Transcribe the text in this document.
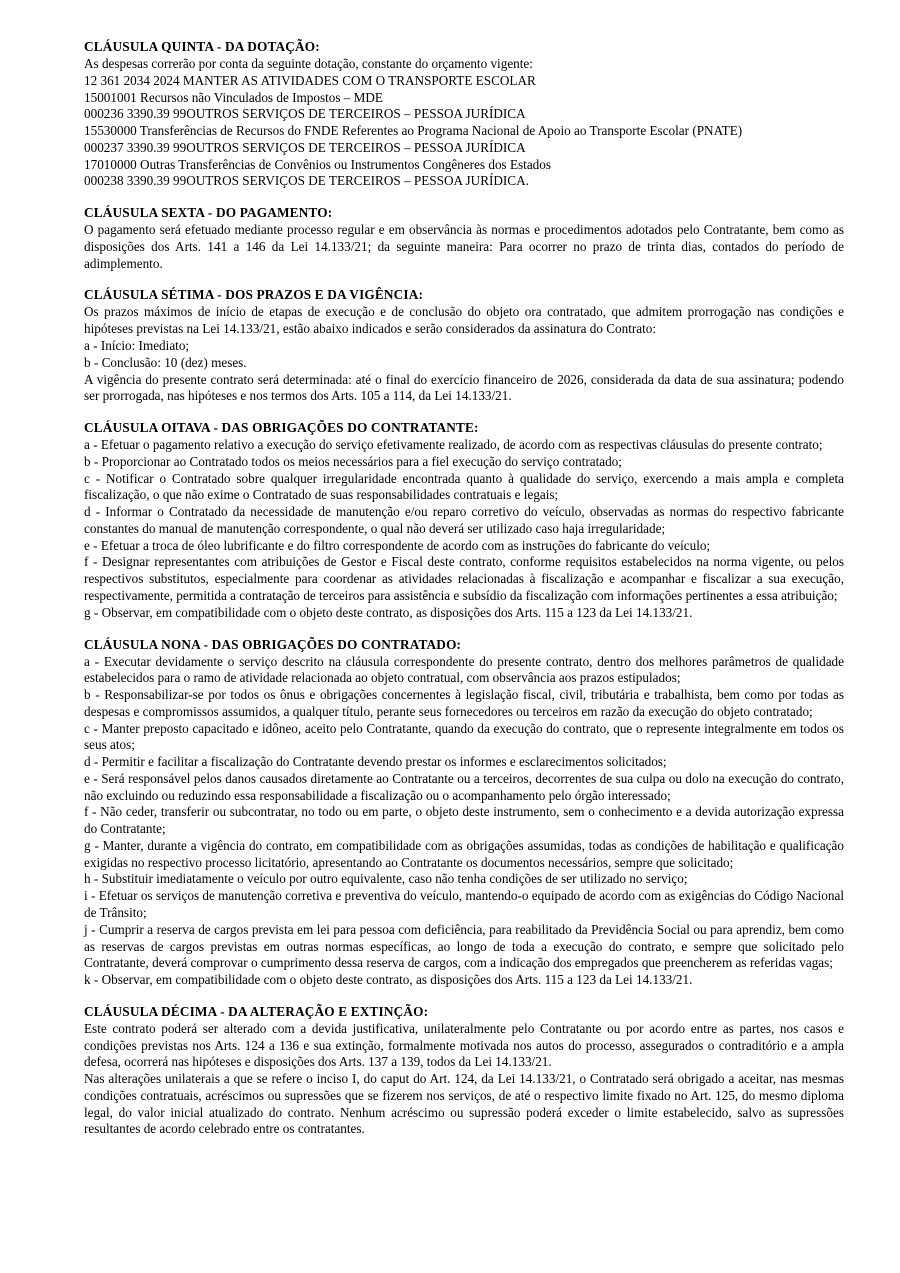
CLÁUSULA QUINTA - DA DOTAÇÃO:

As despesas correrão por conta da seguinte dotação, constante do orçamento vigente:

12 361 2034 2024 MANTER AS ATIVIDADES COM O TRANSPORTE ESCOLAR

15001001 Recursos não Vinculados de Impostos – MDE

000236 3390.39 99OUTROS SERVIÇOS DE TERCEIROS – PESSOA JURÍDICA

15530000 Transferências de Recursos do FNDE Referentes ao Programa Nacional de Apoio ao Transporte Escolar (PNATE)

000237 3390.39 99OUTROS SERVIÇOS DE TERCEIROS – PESSOA JURÍDICA

17010000 Outras Transferências de Convênios ou Instrumentos Congêneres dos Estados

000238 3390.39 99OUTROS SERVIÇOS DE TERCEIROS – PESSOA JURÍDICA.

CLÁUSULA SEXTA - DO PAGAMENTO:

O pagamento será efetuado mediante processo regular e em observância às normas e procedimentos adotados pelo Contratante, bem como as disposições dos Arts. 141 a 146 da Lei 14.133/21; da seguinte maneira: Para ocorrer no prazo de trinta dias, contados do período de adimplemento.

CLÁUSULA SÉTIMA - DOS PRAZOS E DA VIGÊNCIA:

Os prazos máximos de início de etapas de execução e de conclusão do objeto ora contratado, que admitem prorrogação nas condições e hipóteses previstas na Lei 14.133/21, estão abaixo indicados e serão considerados da assinatura do Contrato:

a - Início: Imediato;

b - Conclusão: 10 (dez) meses.

A vigência do presente contrato será determinada: até o final do exercício financeiro de 2026, considerada da data de sua assinatura; podendo ser prorrogada, nas hipóteses e nos termos dos Arts. 105 a 114, da Lei 14.133/21.

CLÁUSULA OITAVA - DAS OBRIGAÇÕES DO CONTRATANTE:

a - Efetuar o pagamento relativo a execução do serviço efetivamente realizado, de acordo com as respectivas cláusulas do presente contrato;

b - Proporcionar ao Contratado todos os meios necessários para a fiel execução do serviço contratado;

c - Notificar o Contratado sobre qualquer irregularidade encontrada quanto à qualidade do serviço, exercendo a mais ampla e completa fiscalização, o que não exime o Contratado de suas responsabilidades contratuais e legais;

d - Informar o Contratado da necessidade de manutenção e/ou reparo corretivo do veículo, observadas as normas do respectivo fabricante constantes do manual de manutenção correspondente, o qual não deverá ser utilizado caso haja irregularidade;

e - Efetuar a troca de óleo lubrificante e do filtro correspondente de acordo com as instruções do fabricante do veículo;

f - Designar representantes com atribuições de Gestor e Fiscal deste contrato, conforme requisitos estabelecidos na norma vigente, ou pelos respectivos substitutos, especialmente para coordenar as atividades relacionadas à fiscalização e acompanhar e fiscalizar a sua execução, respectivamente, permitida a contratação de terceiros para assistência e subsídio da fiscalização com informações pertinentes a essa atribuição;

g - Observar, em compatibilidade com o objeto deste contrato, as disposições dos Arts. 115 a 123 da Lei 14.133/21.

CLÁUSULA NONA - DAS OBRIGAÇÕES DO CONTRATADO:

a - Executar devidamente o serviço descrito na cláusula correspondente do presente contrato, dentro dos melhores parâmetros de qualidade estabelecidos para o ramo de atividade relacionada ao objeto contratual, com observância aos prazos estipulados;

b - Responsabilizar-se por todos os ônus e obrigações concernentes à legislação fiscal, civil, tributária e trabalhista, bem como por todas as despesas e compromissos assumidos, a qualquer título, perante seus fornecedores ou terceiros em razão da execução do objeto contratado;

c - Manter preposto capacitado e idôneo, aceito pelo Contratante, quando da execução do contrato, que o represente integralmente em todos os seus atos;

d - Permitir e facilitar a fiscalização do Contratante devendo prestar os informes e esclarecimentos solicitados;

e - Será responsável pelos danos causados diretamente ao Contratante ou a terceiros, decorrentes de sua culpa ou dolo na execução do contrato, não excluindo ou reduzindo essa responsabilidade a fiscalização ou o acompanhamento pelo órgão interessado;

f - Não ceder, transferir ou subcontratar, no todo ou em parte, o objeto deste instrumento, sem o conhecimento e a devida autorização expressa do Contratante;

g - Manter, durante a vigência do contrato, em compatibilidade com as obrigações assumidas, todas as condições de habilitação e qualificação exigidas no respectivo processo licitatório, apresentando ao Contratante os documentos necessários, sempre que solicitado;

h - Substituir imediatamente o veículo por outro equivalente, caso não tenha condições de ser utilizado no serviço;

i - Efetuar os serviços de manutenção corretiva e preventiva do veículo, mantendo-o equipado de acordo com as exigências do Código Nacional de Trânsito;

j - Cumprir a reserva de cargos prevista em lei para pessoa com deficiência, para reabilitado da Previdência Social ou para aprendiz, bem como as reservas de cargos previstas em outras normas específicas, ao longo de toda a execução do contrato, e sempre que solicitado pelo Contratante, deverá comprovar o cumprimento dessa reserva de cargos, com a indicação dos empregados que preencherem as referidas vagas;

k - Observar, em compatibilidade com o objeto deste contrato, as disposições dos Arts. 115 a 123 da Lei 14.133/21.

CLÁUSULA DÉCIMA - DA ALTERAÇÃO E EXTINÇÃO:

Este contrato poderá ser alterado com a devida justificativa, unilateralmente pelo Contratante ou por acordo entre as partes, nos casos e condições previstas nos Arts. 124 a 136 e sua extinção, formalmente motivada nos autos do processo, assegurados o contraditório e a ampla defesa, ocorrerá nas hipóteses e disposições dos Arts. 137 a 139, todos da Lei 14.133/21.

Nas alterações unilaterais a que se refere o inciso I, do caput do Art. 124, da Lei 14.133/21, o Contratado será obrigado a aceitar, nas mesmas condições contratuais, acréscimos ou supressões que se fizerem nos serviços, de até o respectivo limite fixado no Art. 125, do mesmo diploma legal, do valor inicial atualizado do contrato. Nenhum acréscimo ou supressão poderá exceder o limite estabelecido, salvo as supressões resultantes de acordo celebrado entre os contratantes.
